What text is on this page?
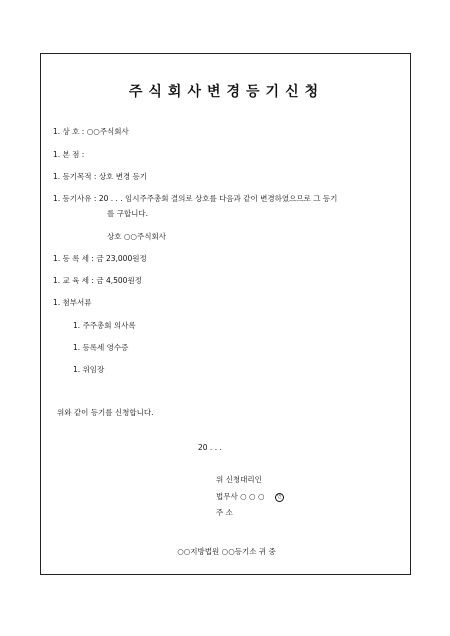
주식회사변경등기신청
1. 상 호 : ○○주식회사
1. 본 점 :
1. 등기목적 : 상호 변경 등기
1. 등기사유 : 20 . . . 임시주주총회 결의로 상호를 다음과 같이 변경하였으므로 그 등기
를 구합니다.
상호 ○○주식회사
1. 등 록 세 : 금 23,000원정
1. 교 육 세 : 금 4,500원정
1. 첨부서류
1. 주주총회 의사록
1. 등록세 영수증
1. 위임장
위와 같이 등기를 신청합니다.
20 . . .
위 신청대리인
법무사 ○ ○ ○ 인
주 소
○○지방법원 ○○등기소 귀 중
